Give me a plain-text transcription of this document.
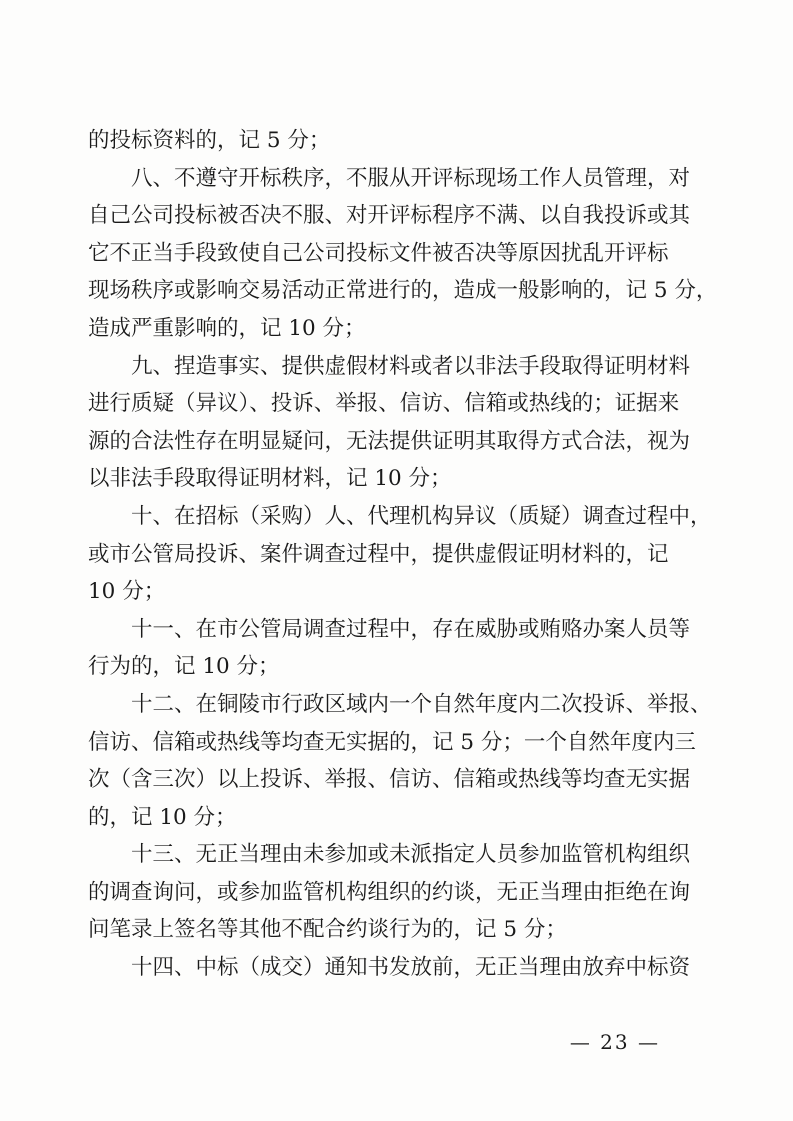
的投标资料的，记 5 分；
八、不遵守开标秩序，不服从开评标现场工作人员管理，对
自己公司投标被否决不服、对开评标程序不满、以自我投诉或其
它不正当手段致使自己公司投标文件被否决等原因扰乱开评标
现场秩序或影响交易活动正常进行的，造成一般影响的，记 5 分，
造成严重影响的，记 10 分；
九、捏造事实、提供虚假材料或者以非法手段取得证明材料
进行质疑（异议）、投诉、举报、信访、信箱或热线的；证据来
源的合法性存在明显疑问，无法提供证明其取得方式合法，视为
以非法手段取得证明材料，记 10 分；
十、在招标（采购）人、代理机构异议（质疑）调查过程中，
或市公管局投诉、案件调查过程中，提供虚假证明材料的，记
10 分；
十一、在市公管局调查过程中，存在威胁或贿赂办案人员等
行为的，记 10 分；
十二、在铜陵市行政区域内一个自然年度内二次投诉、举报、
信访、信箱或热线等均查无实据的，记 5 分；一个自然年度内三
次（含三次）以上投诉、举报、信访、信箱或热线等均查无实据
的，记 10 分；
十三、无正当理由未参加或未派指定人员参加监管机构组织
的调查询问，或参加监管机构组织的约谈，无正当理由拒绝在询
问笔录上签名等其他不配合约谈行为的，记 5 分；
十四、中标（成交）通知书发放前，无正当理由放弃中标资
— 23 —
